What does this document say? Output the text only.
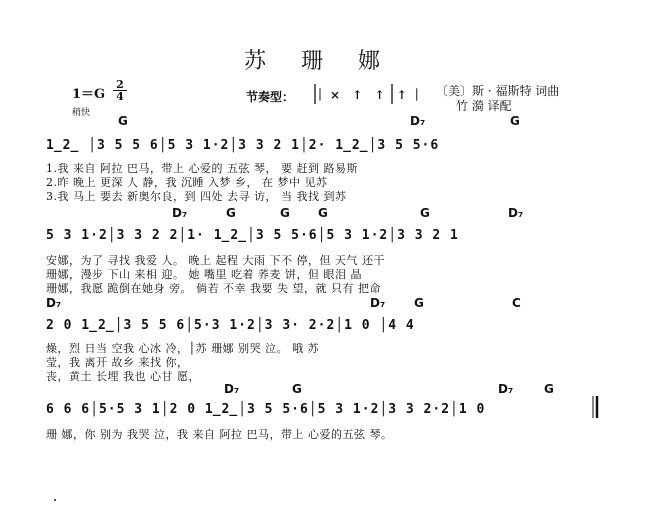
苏 珊 娜
$1=G \frac{2}{4}$
稍快
节奏型： ｜× ↑ ↑ ↑｜ 〔美〕斯 · 福斯特 词曲
竹 漪 译配
G	D₇	G
1̲2̲ │3 5 5 6│5 3 1·2│3 3 2 1│2· 1̲2̲│3 5 5·6
1.我 来自 阿拉 巴马，带上 心爱的 五弦 琴， 要 赶到 路易斯
2.昨 晚上 更深 人 静，我 沉睡 入梦 乡， 在 梦中 见苏
3.我 马上 要去 新奥尔良，到 四处 去寻 访， 当 我找 到苏
D₇	G	G G	G	D₇
5 3 1·2│3 3 2 2│1· 1̲2̲│3 5 5·6│5 3 1·2│3 3 2 1
安娜，为了 寻找 我爱 人。 晚上 起程 大雨 下不 停，但 天气 还干
珊娜，漫步 下山 来相 迎。 她 嘴里 吃着 荞麦 饼，但 眼泪 晶
珊娜，我愿 跪倒在她身 旁。 倘若 不幸 我要 失 望，就 只有 把命
D₇	D₇ G	C
2 0 1̲2̲│3 5 5 6│5·3 1·2│3 3· 2·2│1 0 │4 4
燥，烈 日当 空我 心冰 冷，│苏 珊娜 别哭 泣。 哦 苏
莹，我 离开 故乡 来找 你，
丧，黄土 长埋 我也 心甘 愿，
D₇	G	D₇	G
6 6 6│5·5 3 1│2 0 1̲2̲│3 5 5·6│5 3 1·2│3 3 2·2│1 0
珊 娜，你 别为 我哭 泣，我 来自 阿拉 巴马，带上 心爱的五弦 琴。
